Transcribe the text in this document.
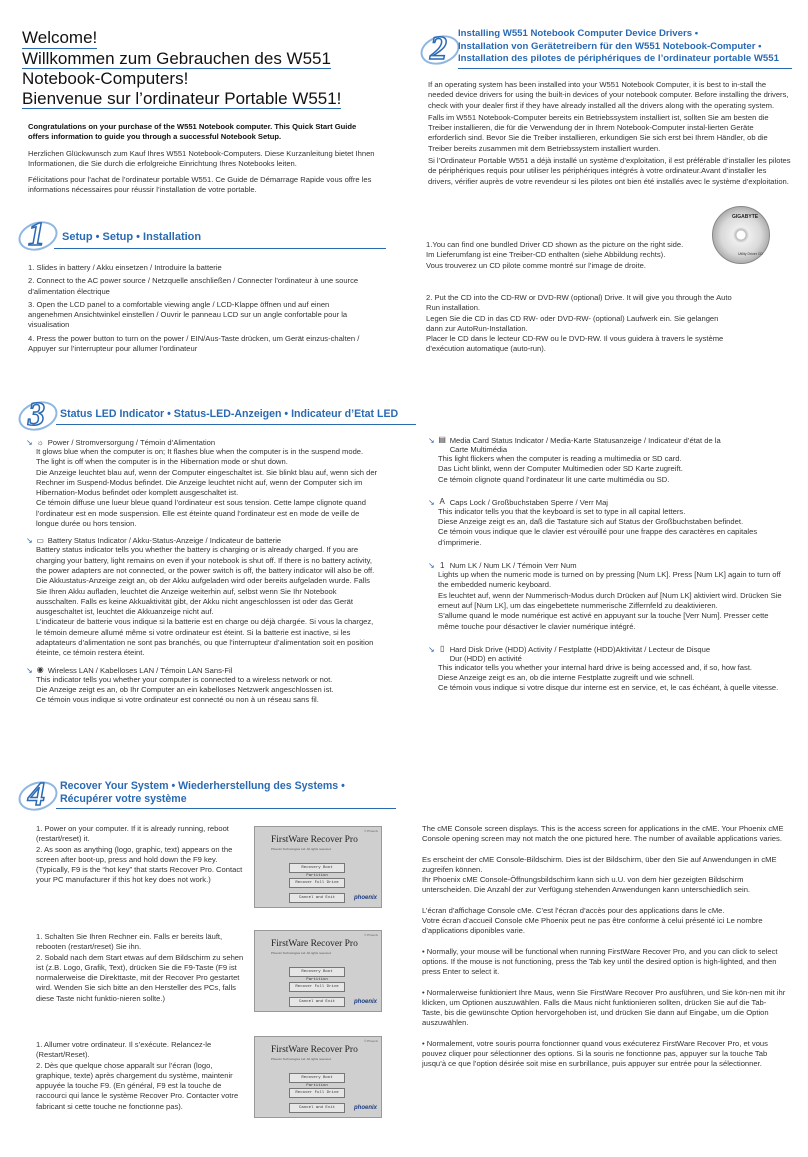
Welcome!
Willkommen zum Gebrauchen des W551

Notebook-Computers!
Bienvenue sur l’ordinateur Portable W551!

Congratulations on your purchase of the W551 Notebook computer. This Quick Start Guide offers information to guide you through a successful Notebook Setup.

Herzlichen Glückwunsch zum Kauf Ihres W551 Notebook-Computers. Diese Kurzanleitung bietet Ihnen Informationen, die Sie durch die erfolgreiche Einrichtung Ihres Notebooks leiten.

Félicitations pour l’achat de l’ordinateur portable W551. Ce Guide de Démarrage Rapide vous offre les informations nécessaires pour réussir l’installation de votre portable.

1 Setup • Setup • Installation
1. Slides in battery / Akku einsetzen / Introduire la batterie
2. Connect to the AC power source / Netzquelle anschließen / Connecter l’ordinateur à une source d’alimentation électrique
3. Open the LCD panel to a comfortable viewing angle / LCD-Klappe öffnen und auf einen angenehmen Ansichtwinkel einstellen / Ouvrir le panneau LCD sur un angle confortable pour la visualisation
4. Press the power button to turn on the power / EIN/Aus-Taste drücken, um Gerät einzus-chalten / Appuyer sur l’interrupteur pour allumer l’ordinateur
2 Installing W551 Notebook Computer Device Drivers •
Installation von Gerätetreibern für den W551 Notebook-Computer •
Installation des pilotes de périphériques de l’ordinateur portable W551

If an operating system has been installed into your W551 Notebook Computer, it is best to in-stall the needed device drivers for using the built-in devices of your notebook computer. Before installing the drivers, check with your dealer first if they have already installed all the drivers along with the operating system.

Falls im W551 Notebook-Computer bereits ein Betriebssystem installiert ist, sollten Sie am besten die Treiber installieren, die für die Verwendung der in Ihrem Notebook-Computer instal-lierten Geräte erforderlich sind. Bevor Sie die Treiber installieren, erkundigen Sie sich erst bei Ihrem Händler, ob die Treiber bereits zusammen mit dem Betriebssystem installiert wurden.

Si l’Ordinateur Portable W551 a déjà installé un système d’exploitation, il est préférable d’installer les pilotes de périphériques requis pour utiliser les périphériques intégrés à votre ordinateur.Avant d’installer les drivers, vérifier auprès de votre revendeur si les pilotes ont bien été installés avec le système d’exploitation.

1.You can find one bundled Driver CD shown as the picture on the right side.
Im Lieferumfang ist eine Treiber-CD enthalten (siehe Abbildung rechts).
Vous trouverez un CD pilote comme montré sur l’image de droite.

GIGABYTE
Utility Driver CD

2. Put the CD into the CD-RW or DVD-RW (optional) Drive. It will give you through the Auto
Run installation.
Legen Sie die CD in das CD RW- oder DVD-RW- (optional) Laufwerk ein. Sie gelangen
dann zur AutoRun-Installation.
Placer le CD dans le lecteur CD-RW ou le DVD-RW. Il vous guidera à travers le système
d’exécution automatique (auto-run).

3 Status LED Indicator • Status-LED-Anzeigen • Indicateur d’Etat LED
↘ ☼ Power / Stromversorgung / Témoin d’Alimentation

It glows blue when the computer is on; It flashes blue when the computer is in the suspend mode. The light is off when the computer is in the Hibernation mode or shut down.
Die Anzeige leuchtet blau auf, wenn der Computer eingeschaltet ist. Sie blinkt blau auf, wenn sich der Rechner im Suspend-Modus befindet. Die Anzeige leuchtet nicht auf, wenn der Computer sich im Hibernation-Modus befindet oder komplett ausgeschaltet ist.
Ce témoin diffuse une lueur bleue quand l’ordinateur est sous tension. Cette lampe clignote quand l’ordinateur est en mode suspension. Elle est éteinte quand l’ordinateur est en mode de veille de longue durée ou hors tension.

↘ ▭ Battery Status Indicator / Akku-Status-Anzeige / Indicateur de batterie

Battery status indicator tells you whether the battery is charging or is already charged. If you are charging your battery, light remains on even if your notebook is shut off. If there is no battery activity, the power adapters are not connected, or the power switch is off, the battery indicator will also be off.
Die Akkustatus-Anzeige zeigt an, ob der Akku aufgeladen wird oder bereits aufgeladen wurde. Falls Sie Ihren Akku aufladen, leuchtet die Anzeige weiterhin auf, selbst wenn Sie Ihr Notebook ausschalten. Falls es keine Akkuaktivität gibt, der Akku nicht angeschlossen ist oder das Gerät ausgeschaltet ist, leuchtet die Akkuanzeige nicht auf.
L’indicateur de batterie vous indique si la batterie est en charge ou déjà chargée. Si vous la chargez, le témoin demeure allumé même si votre ordinateur est éteint. Si la batterie est inactive, si les adaptateurs d’alimentation ne sont pas branchés, ou que l’interrupteur d’alimentation soit en position éteinte, ce témoin restera éteint.

↘ ◉ Wireless LAN / Kabelloses LAN / Témoin LAN Sans-Fil

This indicator tells you whether your computer is connected to a wireless network or not.
Die Anzeige zeigt es an, ob Ihr Computer an ein kabelloses Netzwerk angeschlossen ist.
Ce témoin vous indique si votre ordinateur est connecté ou non à un réseau sans fil.

↘ ▤ Media Card Status Indicator / Media-Karte Statusanzeige / Indicateur d’état de la
Carte Multimédia

This light flickers when the computer is reading a multimedia or SD card.
Das Licht blinkt, wenn der Computer Multimedien oder SD Karte zugreift.
Ce témoin clignote quand l’ordinateur lit une carte multimédia ou SD.

↘ A Caps Lock / Großbuchstaben Sperre / Verr Maj

This indicator tells you that the keyboard is set to type in all capital letters.
Diese Anzeige zeigt es an, daß die Tastature sich auf Status der Großbuchstaben befindet.
Ce témoin vous indique que le clavier est vérouillé pour une frappe des caractères en capitales d’imprimerie.

↘ 1 Num LK / Num LK / Témoin Verr Num

Lights up when the numeric mode is turned on by pressing [Num LK]. Press [Num LK] again to turn off the embedded numeric keyboard.
Es leuchtet auf, wenn der Nummerisch-Modus durch Drücken auf [Num LK] aktiviert wird. Drücken Sie erneut auf [Num LK], um das eingebettete nummerische Ziffernfeld zu deaktivieren.
S’allume quand le mode numérique est activé en appuyant sur la touche [Verr Num]. Presser cette même touche pour désactiver le clavier numérique intégré.

↘ ▯ Hard Disk Drive (HDD) Activity / Festplatte (HDD)Aktivität / Lecteur de Disque
Dur (HDD) en activité

This indicator tells you whether your internal hard drive is being accessed and, if so, how fast.
Diese Anzeige zeigt es an, ob die interne Festplatte zugreift und wie schnell.
Ce témoin vous indique si votre disque dur interne est en service, et, le cas échéant, à quelle vitesse.

4 Recover Your System • Wiederherstellung des Systems •
Récupérer votre système

1. Power on your computer. If it is already running, reboot (restart/reset) it.
2. As soon as anything (logo, graphic, text) appears on the screen after boot-up, press and hold down the F9 key. (Typically, F9 is the “hot key” that starts Recover Pro. Contact your PC manufacturer if this hot key does not work.)

1. Schalten Sie Ihren Rechner ein. Falls er bereits läuft, rebooten (restart/reset) Sie ihn.
2. Sobald nach dem Start etwas auf dem Bildschirm zu sehen ist (z.B. Logo, Grafik, Text), drücken Sie die F9-Taste (F9 ist normalerweise die Direkttaste, mit der Recover Pro gestartet wird. Wenden Sie sich bitte an den Hersteller des PCs, falls diese Taste nicht funktio-nieren sollte.)

1. Allumer votre ordinateur. Il s’exécute. Relancez-le (Restart/Reset).
2. Dès que quelque chose apparaît sur l’écran (logo, graphique, texte) après chargement du système, maintenir appuyée la touche F9. (En général, F9 est la touche de raccourci qui lance le système Recover Pro. Contacter votre fabricant si cette touche ne fonctionne pas).

© Phoenix
FirstWare Recover Pro
Phoenix Technologies Ltd. All rights reserved.
Recovery Boot Partition
Recover Full Drive
Cancel and Exit	phoenix
© Phoenix
FirstWare Recover Pro
Phoenix Technologies Ltd. All rights reserved.
Recovery Boot Partition
Recover Full Drive
Cancel and Exit	phoenix
© Phoenix
FirstWare Recover Pro
Phoenix Technologies Ltd. All rights reserved.
Recovery Boot Partition
Recover Full Drive
Cancel and Exit	phoenix

The cME Console screen displays. This is the access screen for applications in the cME. Your Phoenix cME Console opening screen may not match the one pictured here. The number of available applications varies.

Es erscheint der cME Console-Bildschirm. Dies ist der Bildschirm, über den Sie auf Anwendungen in cME zugreifen können.
Ihr Phoenix cME Console-Öffnungsbildschirm kann sich u.U. von dem hier gezeigten Bildschirm unterscheiden. Die Anzahl der zur Verfügung stehenden Anwendungen kann unterschiedlich sein.

L’écran d’affichage Console cMe. C’est l’écran d’accès pour des applications dans le cMe.
Votre écran d’accueil Console cMe Phoenix peut ne pas être conforme à celui présenté ici Le nombre d’applications diponibles varie.

• Normally, your mouse will be functional when running FirstWare Recover Pro, and you can click to select options. If the mouse is not functioning, press the Tab key until the desired option is high-lighted, and then press Enter to select it.

• Normalerweise funktioniert Ihre Maus, wenn Sie FirstWare Recover Pro ausführen, und Sie kön-nen mit ihr klicken, um Optionen auszuwählen. Falls die Maus nicht funktionieren sollten, drücken Sie auf die Tab-Taste, bis die gewünschte Option hervorgehoben ist, und drücken Sie dann auf Eingabe, um die Option auszuwählen.

• Normalement, votre souris pourra fonctionner quand vous exécuterez FirstWare Recover Pro, et vous pouvez cliquer pour sélectionner des options. Si la souris ne fonctionne pas, appuyer sur la touche Tab jusqu’à ce que l’option désirée soit mise en surbrillance, puis appuyer sur entrée pour la sélectionner.
